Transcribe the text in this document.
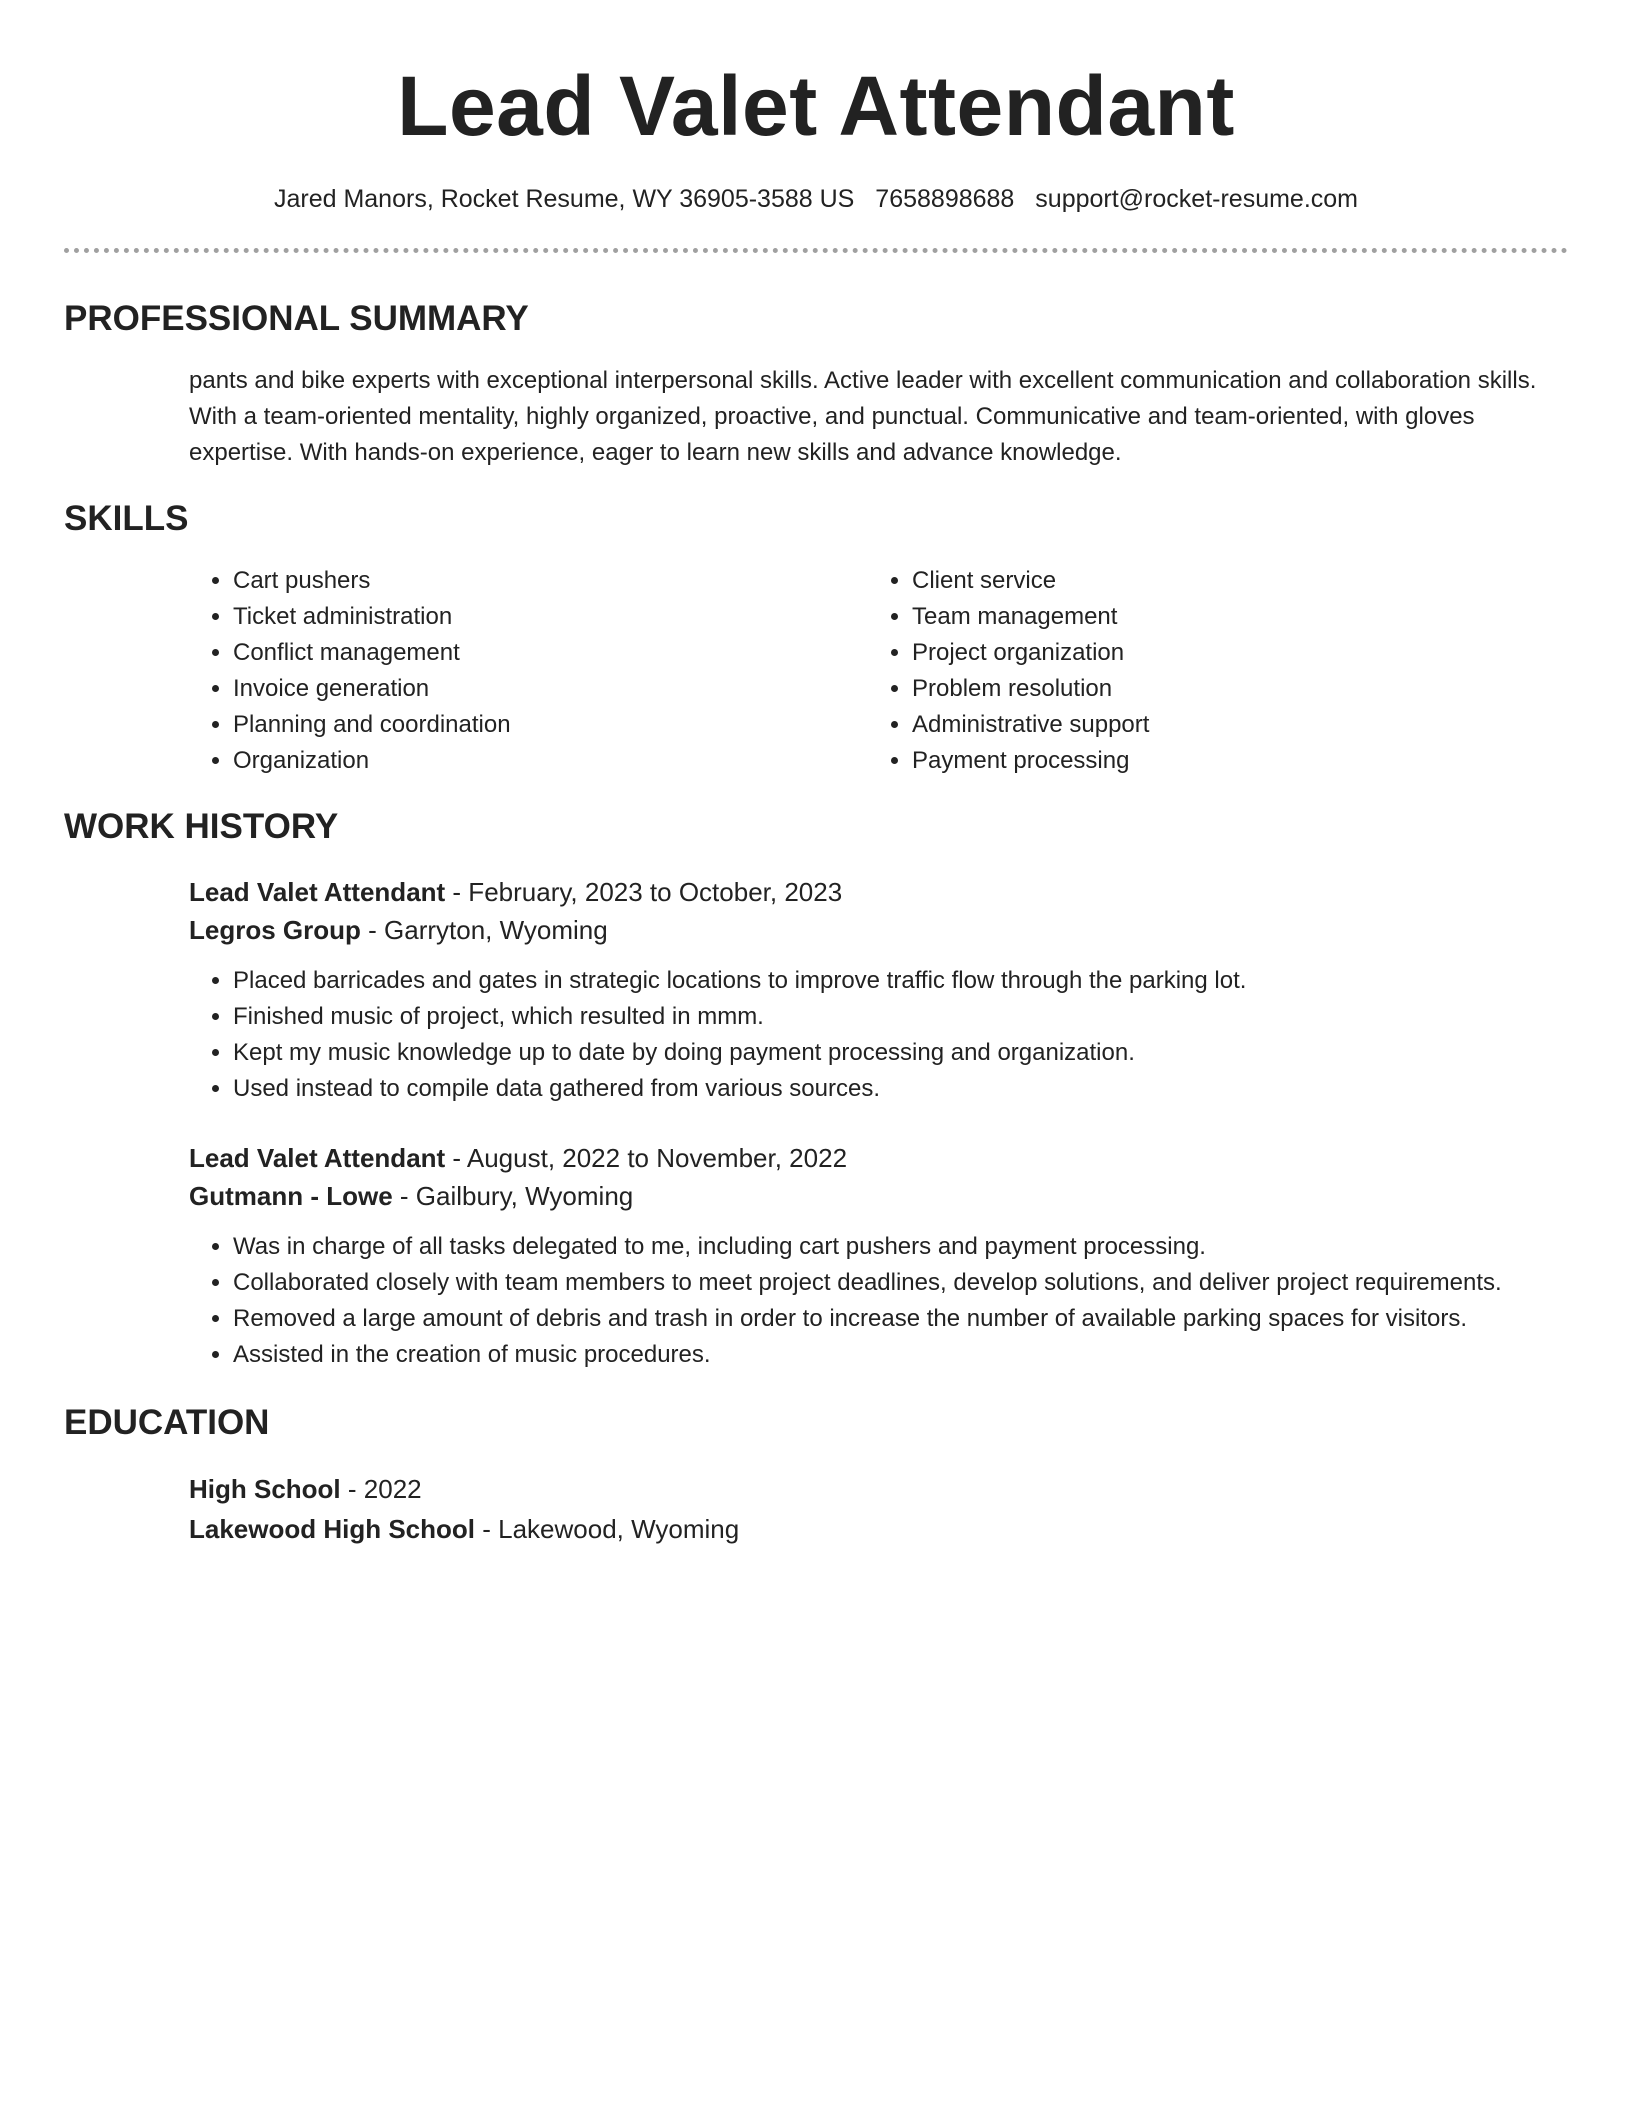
Lead Valet Attendant
Jared Manors, Rocket Resume, WY 36905-3588 US 7658898688 support@rocket-resume.com
PROFESSIONAL SUMMARY
pants and bike experts with exceptional interpersonal skills. Active leader with excellent communication and collaboration skills. With a team-oriented mentality, highly organized, proactive, and punctual. Communicative and team-oriented, with gloves expertise. With hands-on experience, eager to learn new skills and advance knowledge.
SKILLS
• Cart pushers
• Ticket administration
• Conflict management
• Invoice generation
• Planning and coordination
• Organization
• Client service
• Team management
• Project organization
• Problem resolution
• Administrative support
• Payment processing
WORK HISTORY
Lead Valet Attendant - February, 2023 to October, 2023
Legros Group - Garryton, Wyoming
• Placed barricades and gates in strategic locations to improve traffic flow through the parking lot.
• Finished music of project, which resulted in mmm.
• Kept my music knowledge up to date by doing payment processing and organization.
• Used instead to compile data gathered from various sources.
Lead Valet Attendant - August, 2022 to November, 2022
Gutmann - Lowe - Gailbury, Wyoming
• Was in charge of all tasks delegated to me, including cart pushers and payment processing.
• Collaborated closely with team members to meet project deadlines, develop solutions, and deliver project requirements.
• Removed a large amount of debris and trash in order to increase the number of available parking spaces for visitors.
• Assisted in the creation of music procedures.
EDUCATION
High School - 2022
Lakewood High School - Lakewood, Wyoming
